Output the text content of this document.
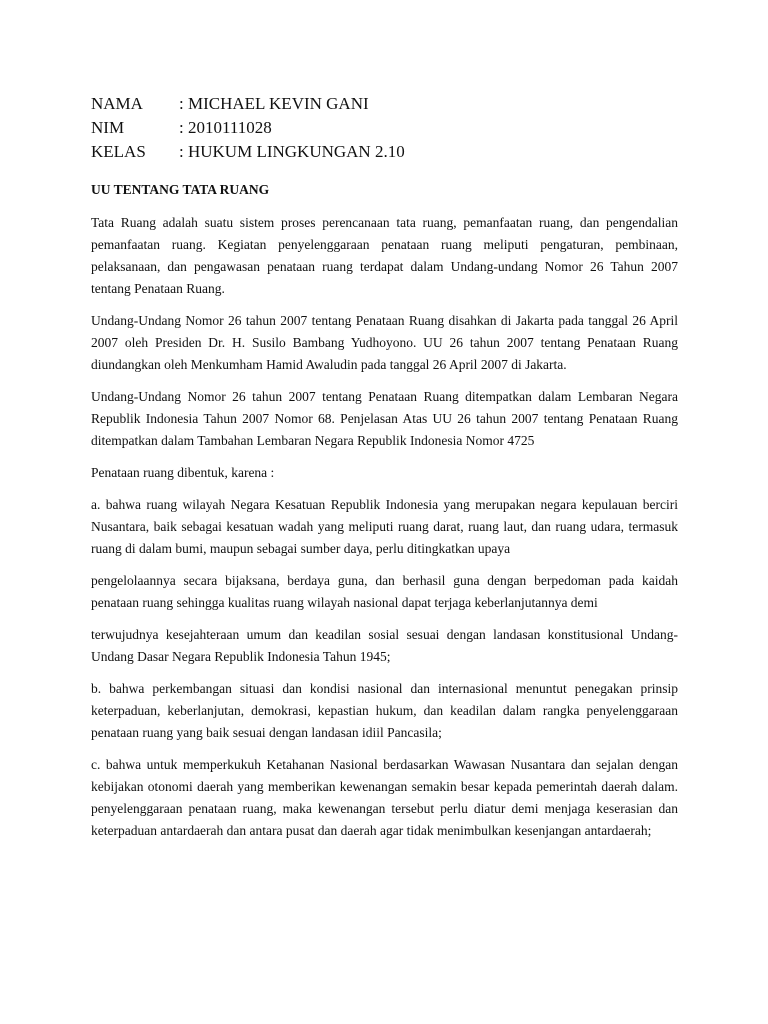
NAMA	: MICHAEL KEVIN GANI
NIM	: 2010111028
KELAS	: HUKUM LINGKUNGAN 2.10
UU TENTANG TATA RUANG

Tata Ruang adalah suatu sistem proses perencanaan tata ruang, pemanfaatan ruang, dan pengendalian pemanfaatan ruang. Kegiatan penyelenggaraan penataan ruang meliputi pengaturan, pembinaan, pelaksanaan, dan pengawasan penataan ruang terdapat dalam Undang-undang Nomor 26 Tahun 2007 tentang Penataan Ruang.

Undang-Undang Nomor 26 tahun 2007 tentang Penataan Ruang disahkan di Jakarta pada tanggal 26 April 2007 oleh Presiden Dr. H. Susilo Bambang Yudhoyono. UU 26 tahun 2007 tentang Penataan Ruang diundangkan oleh Menkumham Hamid Awaludin pada tanggal 26 April 2007 di Jakarta.

Undang-Undang Nomor 26 tahun 2007 tentang Penataan Ruang ditempatkan dalam Lembaran Negara Republik Indonesia Tahun 2007 Nomor 68. Penjelasan Atas UU 26 tahun 2007 tentang Penataan Ruang ditempatkan dalam Tambahan Lembaran Negara Republik Indonesia Nomor 4725

Penataan ruang dibentuk, karena :

a. bahwa ruang wilayah Negara Kesatuan Republik Indonesia yang merupakan negara kepulauan berciri Nusantara, baik sebagai kesatuan wadah yang meliputi ruang darat, ruang laut, dan ruang udara, termasuk ruang di dalam bumi, maupun sebagai sumber daya, perlu ditingkatkan upaya

pengelolaannya secara bijaksana, berdaya guna, dan berhasil guna dengan berpedoman pada kaidah penataan ruang sehingga kualitas ruang wilayah nasional dapat terjaga keberlanjutannya demi

terwujudnya kesejahteraan umum dan keadilan sosial sesuai dengan landasan konstitusional Undang- Undang Dasar Negara Republik Indonesia Tahun 1945;

b. bahwa perkembangan situasi dan kondisi nasional dan internasional menuntut penegakan prinsip keterpaduan, keberlanjutan, demokrasi, kepastian hukum, dan keadilan dalam rangka penyelenggaraan penataan ruang yang baik sesuai dengan landasan idiil Pancasila;

c. bahwa untuk memperkukuh Ketahanan Nasional berdasarkan Wawasan Nusantara dan sejalan dengan kebijakan otonomi daerah yang memberikan kewenangan semakin besar kepada pemerintah daerah dalam. penyelenggaraan penataan ruang, maka kewenangan tersebut perlu diatur demi menjaga keserasian dan keterpaduan antardaerah dan antara pusat dan daerah agar tidak menimbulkan kesenjangan antardaerah;
